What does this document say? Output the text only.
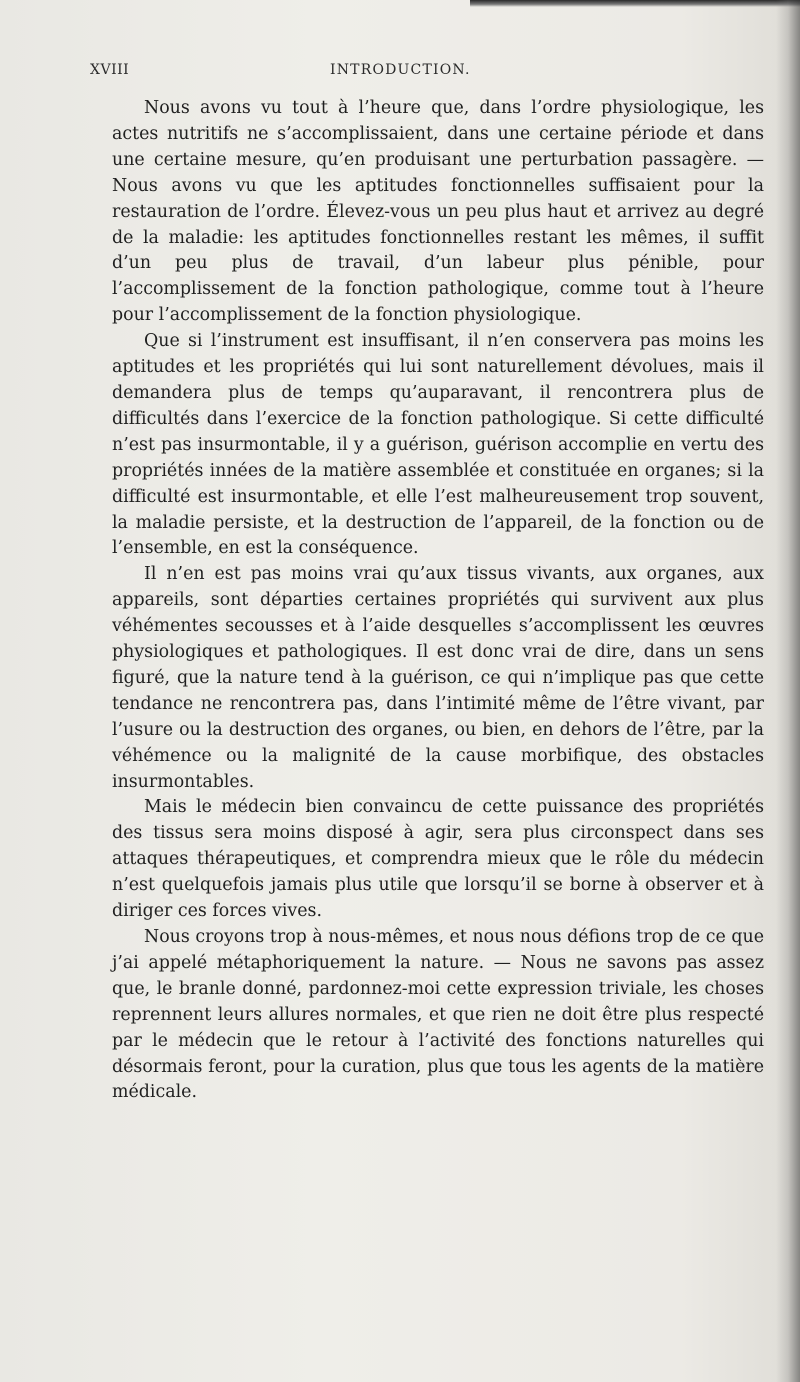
XVIII	INTRODUCTION.

Nous avons vu tout à l’heure que, dans l’ordre physiologique, les actes nutritifs ne s’accomplissaient, dans une certaine période et dans une certaine mesure, qu’en produisant une perturbation passagère. — Nous avons vu que les aptitudes fonctionnelles suffisaient pour la restauration de l’ordre. Élevez-vous un peu plus haut et arrivez au degré de la maladie: les aptitudes fonctionnelles restant les mêmes, il suffit d’un peu plus de travail, d’un labeur plus pénible, pour l’accomplissement de la fonction pathologique, comme tout à l’heure pour l’accomplissement de la fonction physiologique.

Que si l’instrument est insuffisant, il n’en conservera pas moins les aptitudes et les propriétés qui lui sont naturellement dévolues, mais il demandera plus de temps qu’auparavant, il rencontrera plus de difficultés dans l’exercice de la fonction pathologique. Si cette difficulté n’est pas insurmontable, il y a guérison, guérison accomplie en vertu des propriétés innées de la matière assemblée et constituée en organes; si la difficulté est insurmontable, et elle l’est malheureusement trop souvent, la maladie persiste, et la destruction de l’appareil, de la fonction ou de l’ensemble, en est la conséquence.

Il n’en est pas moins vrai qu’aux tissus vivants, aux organes, aux appareils, sont départies certaines propriétés qui survivent aux plus véhémentes secousses et à l’aide desquelles s’accomplissent les œuvres physiologiques et pathologiques. Il est donc vrai de dire, dans un sens figuré, que la nature tend à la guérison, ce qui n’implique pas que cette tendance ne rencontrera pas, dans l’intimité même de l’être vivant, par l’usure ou la destruction des organes, ou bien, en dehors de l’être, par la véhémence ou la malignité de la cause morbifique, des obstacles insurmontables.

Mais le médecin bien convaincu de cette puissance des propriétés des tissus sera moins disposé à agir, sera plus circonspect dans ses attaques thérapeutiques, et comprendra mieux que le rôle du médecin n’est quelquefois jamais plus utile que lorsqu’il se borne à observer et à diriger ces forces vives.

Nous croyons trop à nous-mêmes, et nous nous défions trop de ce que j’ai appelé métaphoriquement la nature. — Nous ne savons pas assez que, le branle donné, pardonnez-moi cette expression triviale, les choses reprennent leurs allures normales, et que rien ne doit être plus respecté par le médecin que le retour à l’activité des fonctions naturelles qui désormais feront, pour la curation, plus que tous les agents de la matière médicale.
